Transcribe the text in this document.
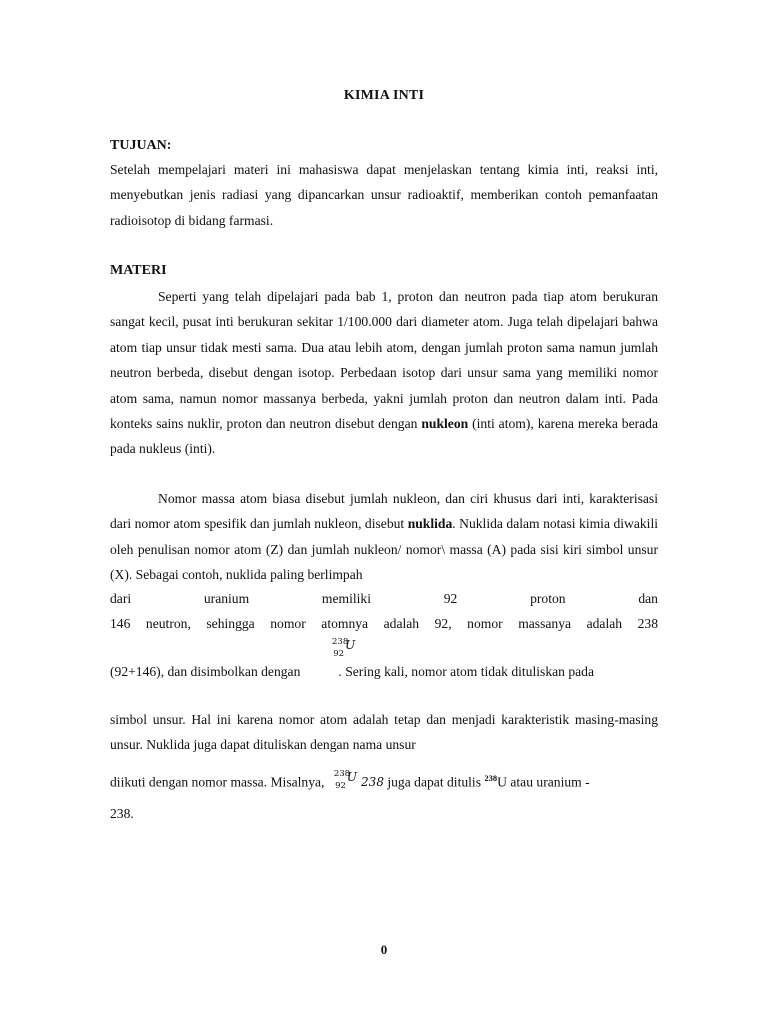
KIMIA INTI
TUJUAN:

Setelah mempelajari materi ini mahasiswa dapat menjelaskan tentang kimia inti, reaksi inti, menyebutkan jenis radiasi yang dipancarkan unsur radioaktif, memberikan contoh pemanfaatan radioisotop di bidang farmasi.

MATERI

Seperti yang telah dipelajari pada bab 1, proton dan neutron pada tiap atom berukuran sangat kecil, pusat inti berukuran sekitar 1/100.000 dari diameter atom. Juga telah dipelajari bahwa atom tiap unsur tidak mesti sama. Dua atau lebih atom, dengan jumlah proton sama namun jumlah neutron berbeda, disebut dengan isotop. Perbedaan isotop dari unsur sama yang memiliki nomor atom sama, namun nomor massanya berbeda, yakni jumlah proton dan neutron dalam inti. Pada konteks sains nuklir, proton dan neutron disebut dengan nukleon (inti atom), karena mereka berada pada nukleus (inti).

Nomor massa atom biasa disebut jumlah nukleon, dan ciri khusus dari inti, karakterisasi dari nomor atom spesifik dan jumlah nukleon, disebut nuklida. Nuklida dalam notasi kimia diwakili oleh penulisan nomor atom (Z) dan jumlah nukleon/ nomor\ massa (A) pada sisi kiri simbol unsur (X). Sebagai contoh, nuklida paling berlimpah

dari	uranium	memiliki	92	proton	dan
146 neutron, sehingga nomor atomnya adalah 92, nomor massanya adalah 238
$^{238}_{92}$U
(92+146), dan disimbolkan dengan	. Sering kali, nomor atom tidak dituliskan pada

simbol unsur. Hal ini karena nomor atom adalah tetap dan menjadi karakteristik masing-masing unsur. Nuklida juga dapat dituliskan dengan nama unsur

diikuti dengan nomor massa. Misalnya, $^{238}_{92}$U 238 juga dapat ditulis $^{238}$U atau uranium -
238.
0
